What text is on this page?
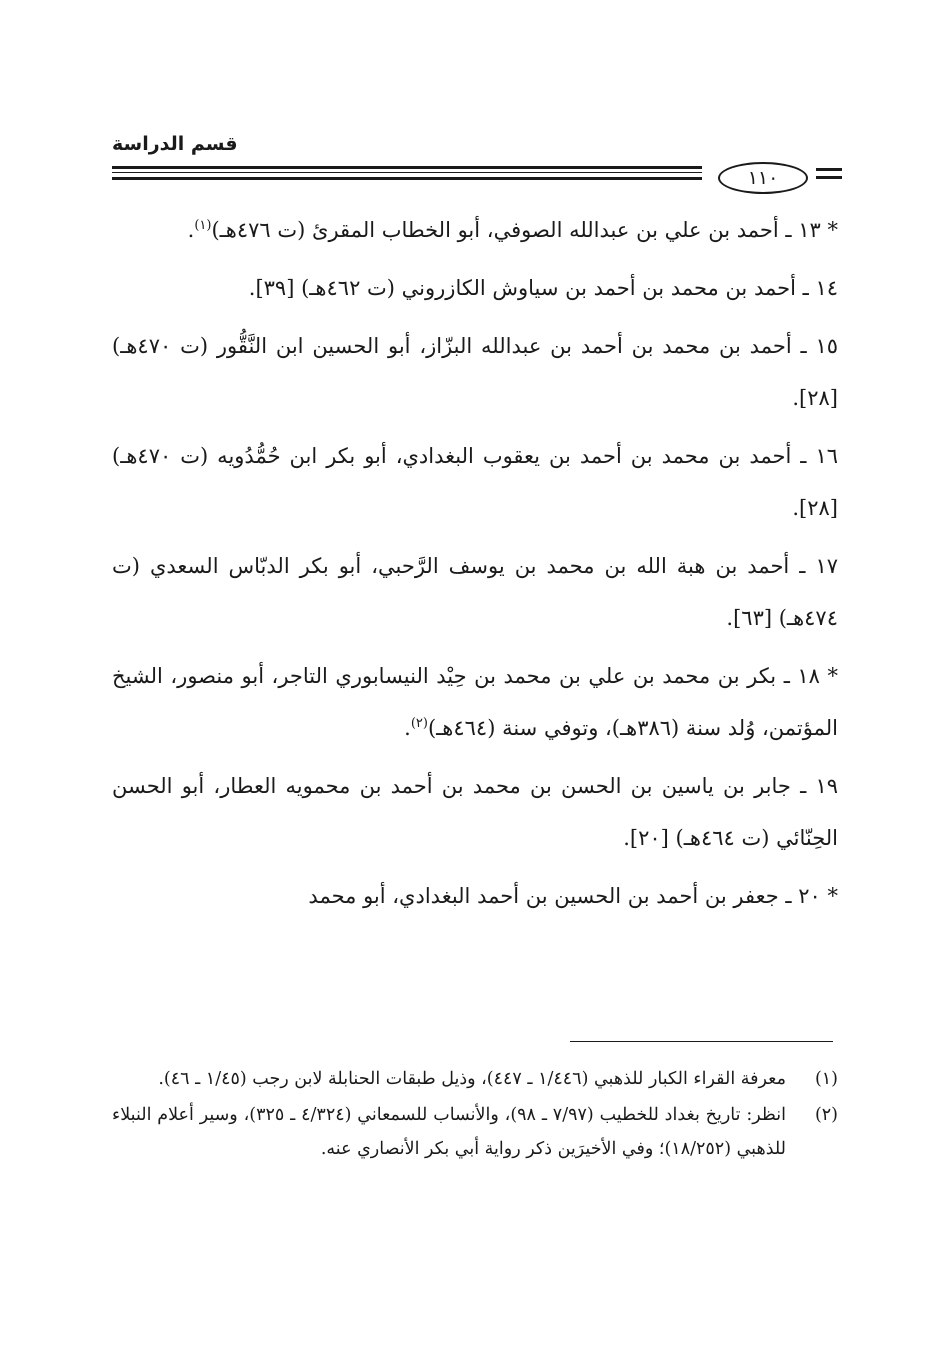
قسم الدراسة
١١٠

* ١٣ ـ أحمد بن علي بن عبدالله الصوفي، أبو الخطاب المقرئ (ت ٤٧٦هـ)$^{(١)}$.

١٤ ـ أحمد بن محمد بن أحمد بن سياوش الكازروني (ت ٤٦٢هـ) [٣٩].

١٥ ـ أحمد بن محمد بن أحمد بن عبدالله البزّاز، أبو الحسين ابن النَّقُّور (ت ٤٧٠هـ) [٢٨].

١٦ ـ أحمد بن محمد بن أحمد بن يعقوب البغدادي، أبو بكر ابن حُمُّدُويه (ت ٤٧٠هـ) [٢٨].

١٧ ـ أحمد بن هبة الله بن محمد بن يوسف الرَّحبي، أبو بكر الدبّاس السعدي (ت ٤٧٤هـ) [٦٣].

* ١٨ ـ بكر بن محمد بن علي بن محمد بن حِيْد النيسابوري التاجر، أبو منصور، الشيخ المؤتمن، وُلد سنة (٣٨٦هـ)، وتوفي سنة (٤٦٤هـ)$^{(٢)}$.

١٩ ـ جابر بن ياسين بن الحسن بن محمد بن أحمد بن محمويه العطار، أبو الحسن الحِنّائي (ت ٤٦٤هـ) [٢٠].

* ٢٠ ـ جعفر بن أحمد بن الحسين بن أحمد البغدادي، أبو محمد

(١)
معرفة القراء الكبار للذهبي (١/٤٤٦ ـ ٤٤٧)، وذيل طبقات الحنابلة لابن رجب (١/٤٥ ـ ٤٦).
(٢)
انظر: تاريخ بغداد للخطيب (٧/٩٧ ـ ٩٨)، والأنساب للسمعاني (٤/٣٢٤ ـ ٣٢٥)، وسير أعلام النبلاء للذهبي (١٨/٢٥٢)؛ وفي الأخيرَين ذكر رواية أبي بكر الأنصاري عنه.
